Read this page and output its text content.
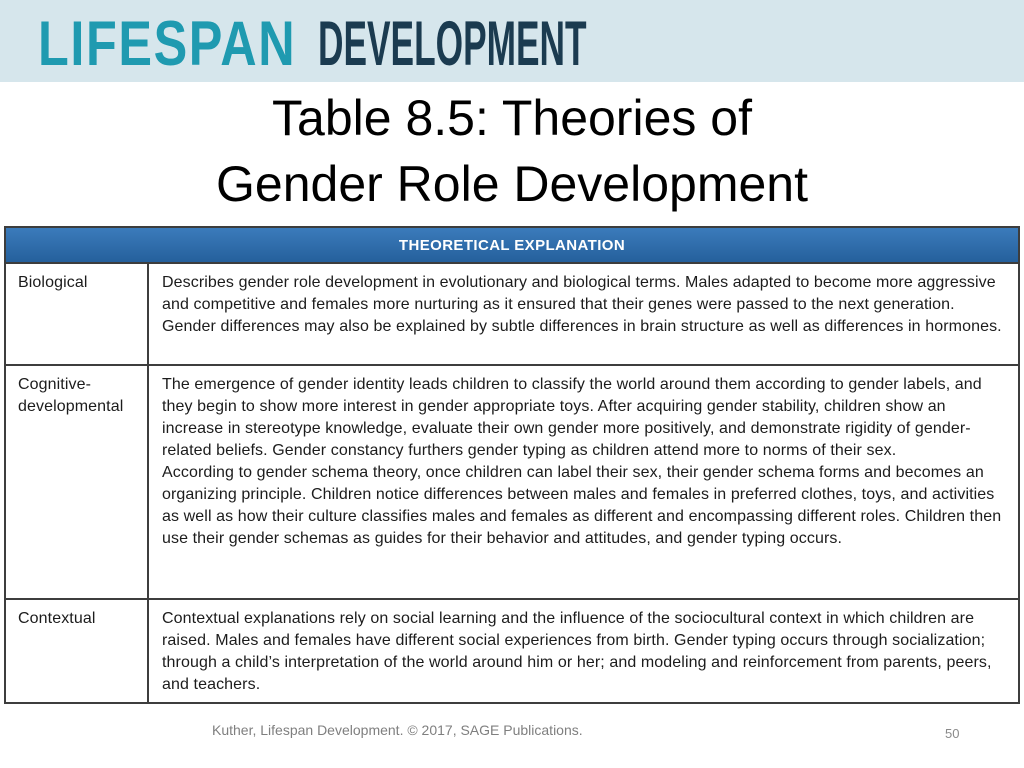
LIFESPAN DEVELOPMENT
Table 8.5: Theories of Gender Role Development
THEORETICAL EXPLANATION	
Biological	Describes gender role development in evolutionary and biological terms. Males adapted to become more aggressive and competitive and females more nurturing as it ensured that their genes were passed to the next generation. Gender differences may also be explained by subtle differences in brain structure as well as differences in hormones.

Cognitive-developmental	The emergence of gender identity leads children to classify the world around them according to gender labels, and they begin to show more interest in gender appropriate toys. After acquiring gender stability, children show an increase in stereotype knowledge, evaluate their own gender more positively, and demonstrate rigidity of gender-related beliefs. Gender constancy furthers gender typing as children attend more to norms of their sex.

According to gender schema theory, once children can label their sex, their gender schema forms and becomes an organizing principle. Children notice differences between males and females in preferred clothes, toys, and activities as well as how their culture classifies males and females as different and encompassing different roles. Children then use their gender schemas as guides for their behavior and attitudes, and gender typing occurs.

Contextual	Contextual explanations rely on social learning and the influence of the sociocultural context in which children are raised. Males and females have different social experiences from birth. Gender typing occurs through socialization; through a child’s interpretation of the world around him or her; and modeling and reinforcement from parents, peers, and teachers.

Kuther, Lifespan Development. © 2017, SAGE Publications.	50
